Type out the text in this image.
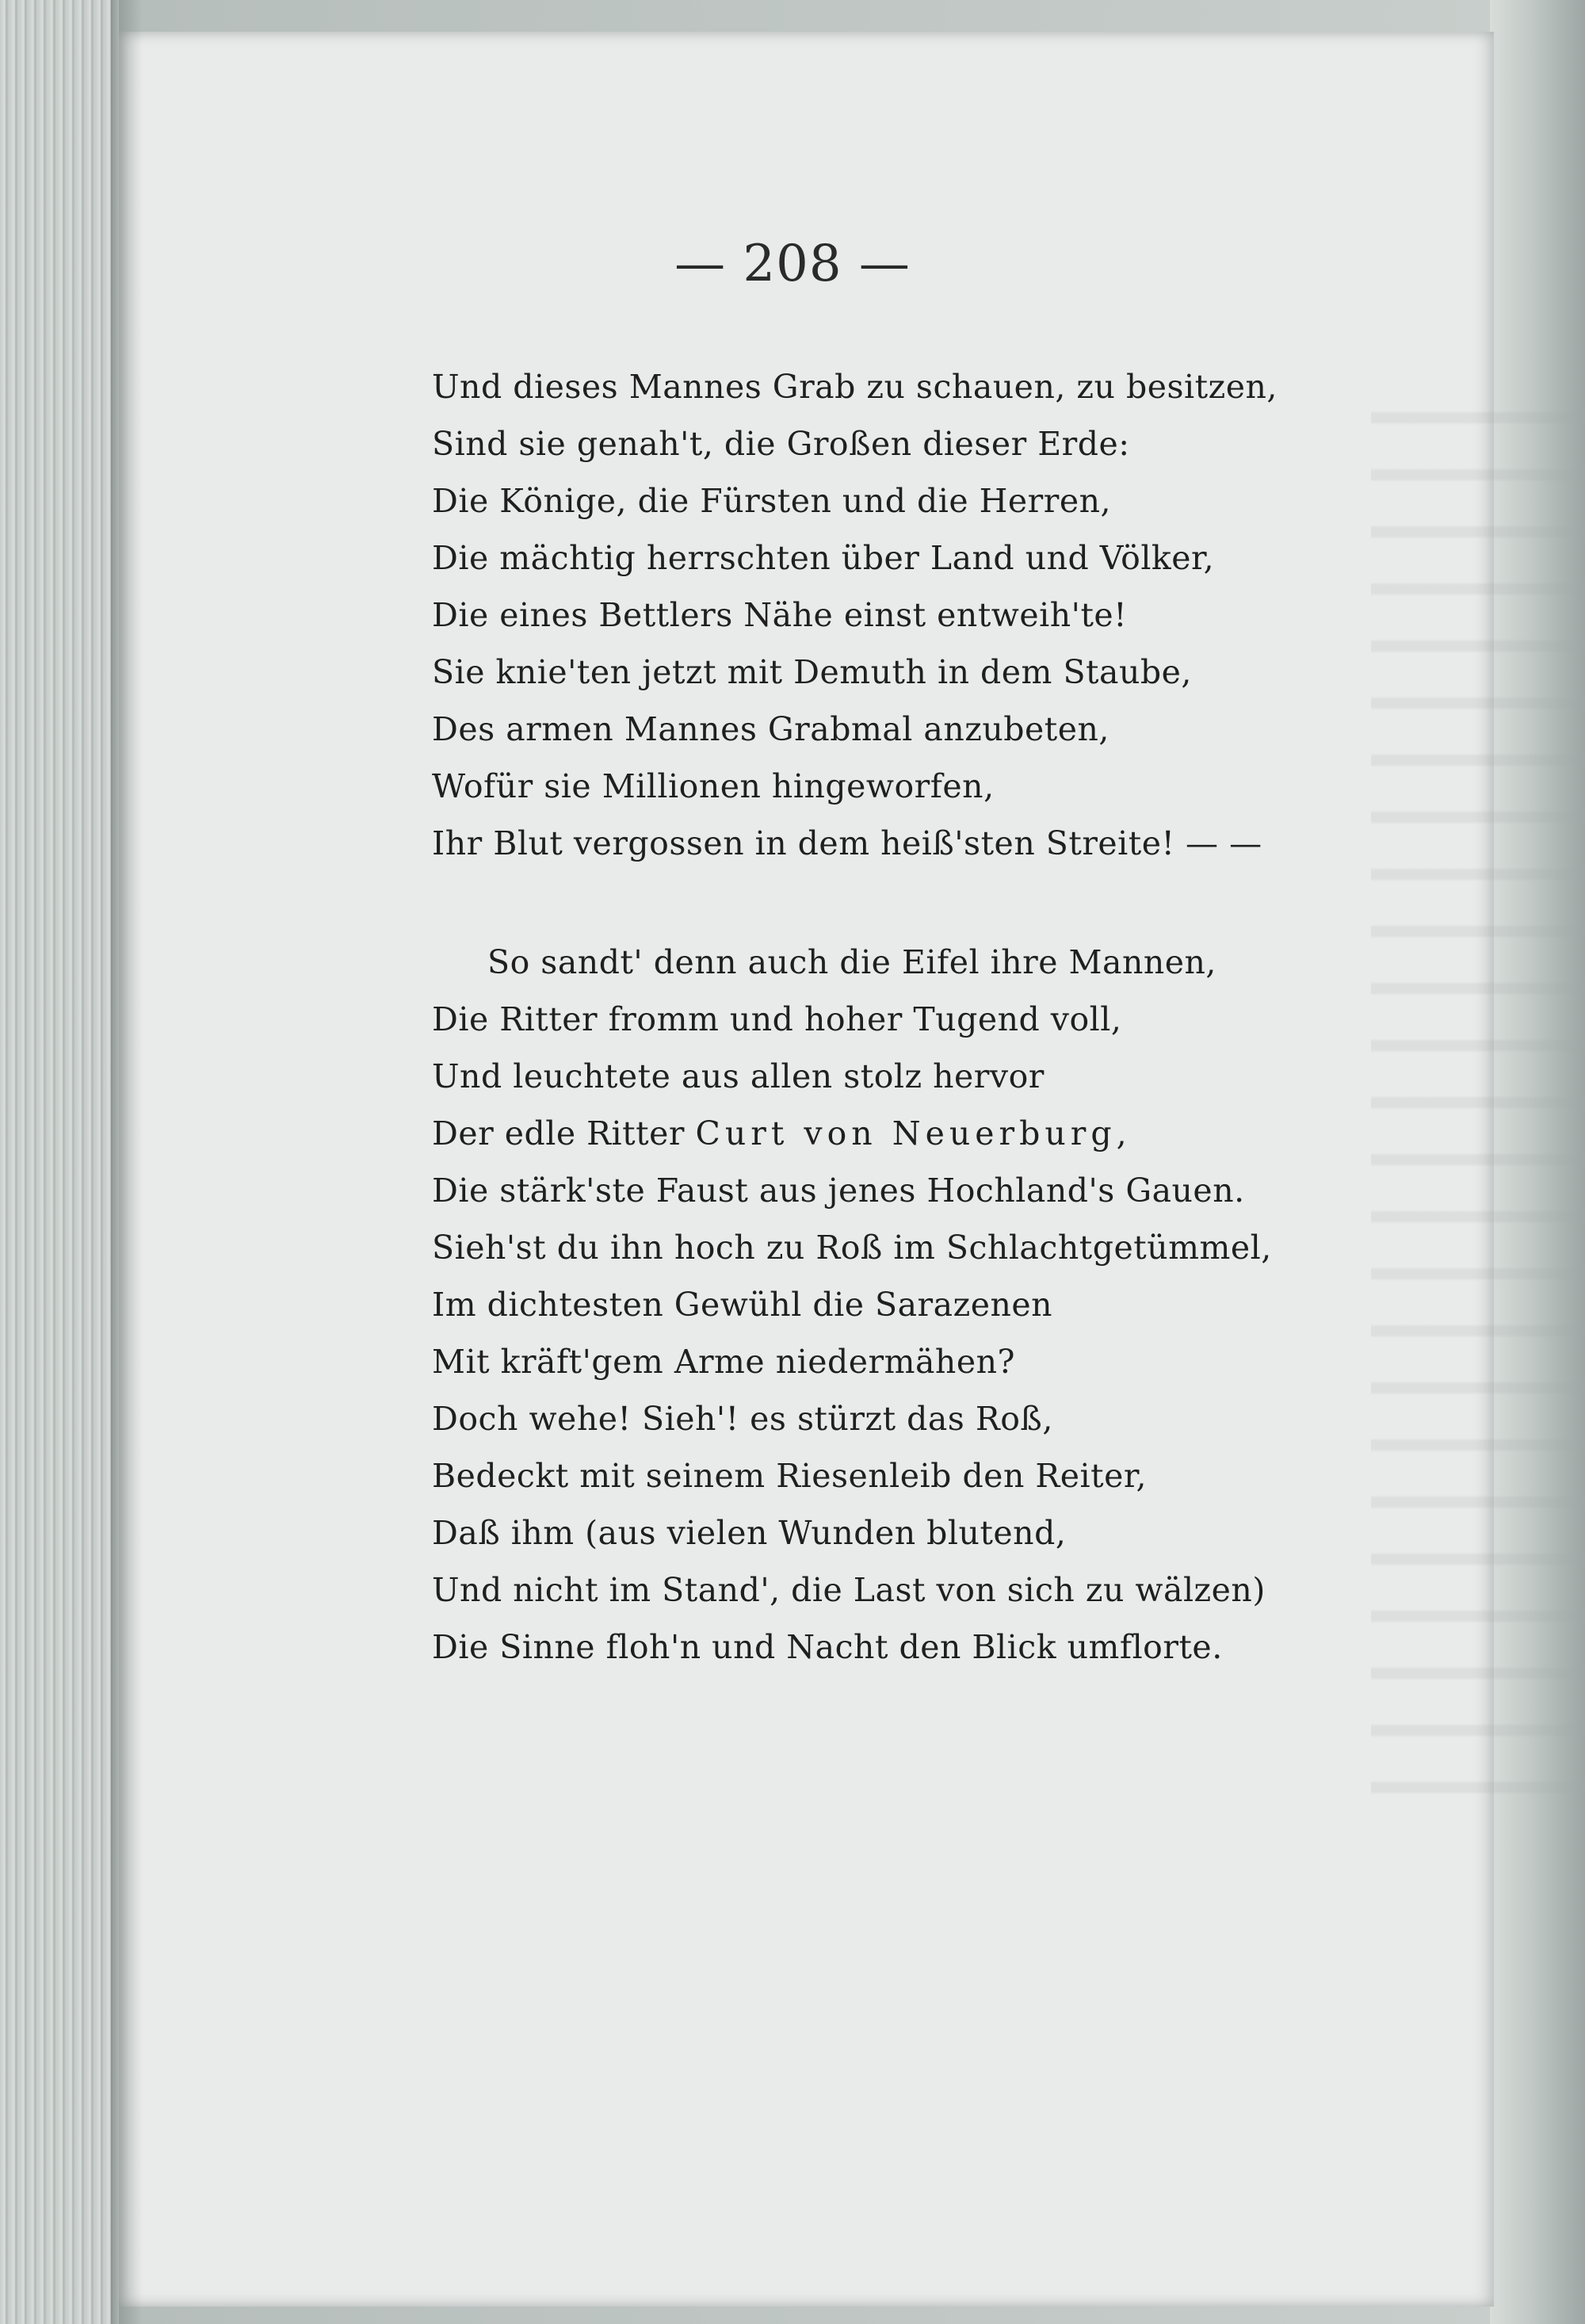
— 208 —
Und dieses Mannes Grab zu schauen, zu besitzen,
Sind sie genah't, die Großen dieser Erde:
Die Könige, die Fürsten und die Herren,
Die mächtig herrschten über Land und Völker,
Die eines Bettlers Nähe einst entweih'te!
Sie knie'ten jetzt mit Demuth in dem Staube,
Des armen Mannes Grabmal anzubeten,
Wofür sie Millionen hingeworfen,
Ihr Blut vergossen in dem heiß'sten Streite! — —
So sandt' denn auch die Eifel ihre Mannen,
Die Ritter fromm und hoher Tugend voll,
Und leuchtete aus allen stolz hervor
Der edle Ritter Curt von Neuerburg,
Die stärk'ste Faust aus jenes Hochland's Gauen.
Sieh'st du ihn hoch zu Roß im Schlachtgetümmel,
Im dichtesten Gewühl die Sarazenen
Mit kräft'gem Arme niedermähen?
Doch wehe! Sieh'! es stürzt das Roß,
Bedeckt mit seinem Riesenleib den Reiter,
Daß ihm (aus vielen Wunden blutend,
Und nicht im Stand', die Last von sich zu wälzen)
Die Sinne floh'n und Nacht den Blick umflorte.
